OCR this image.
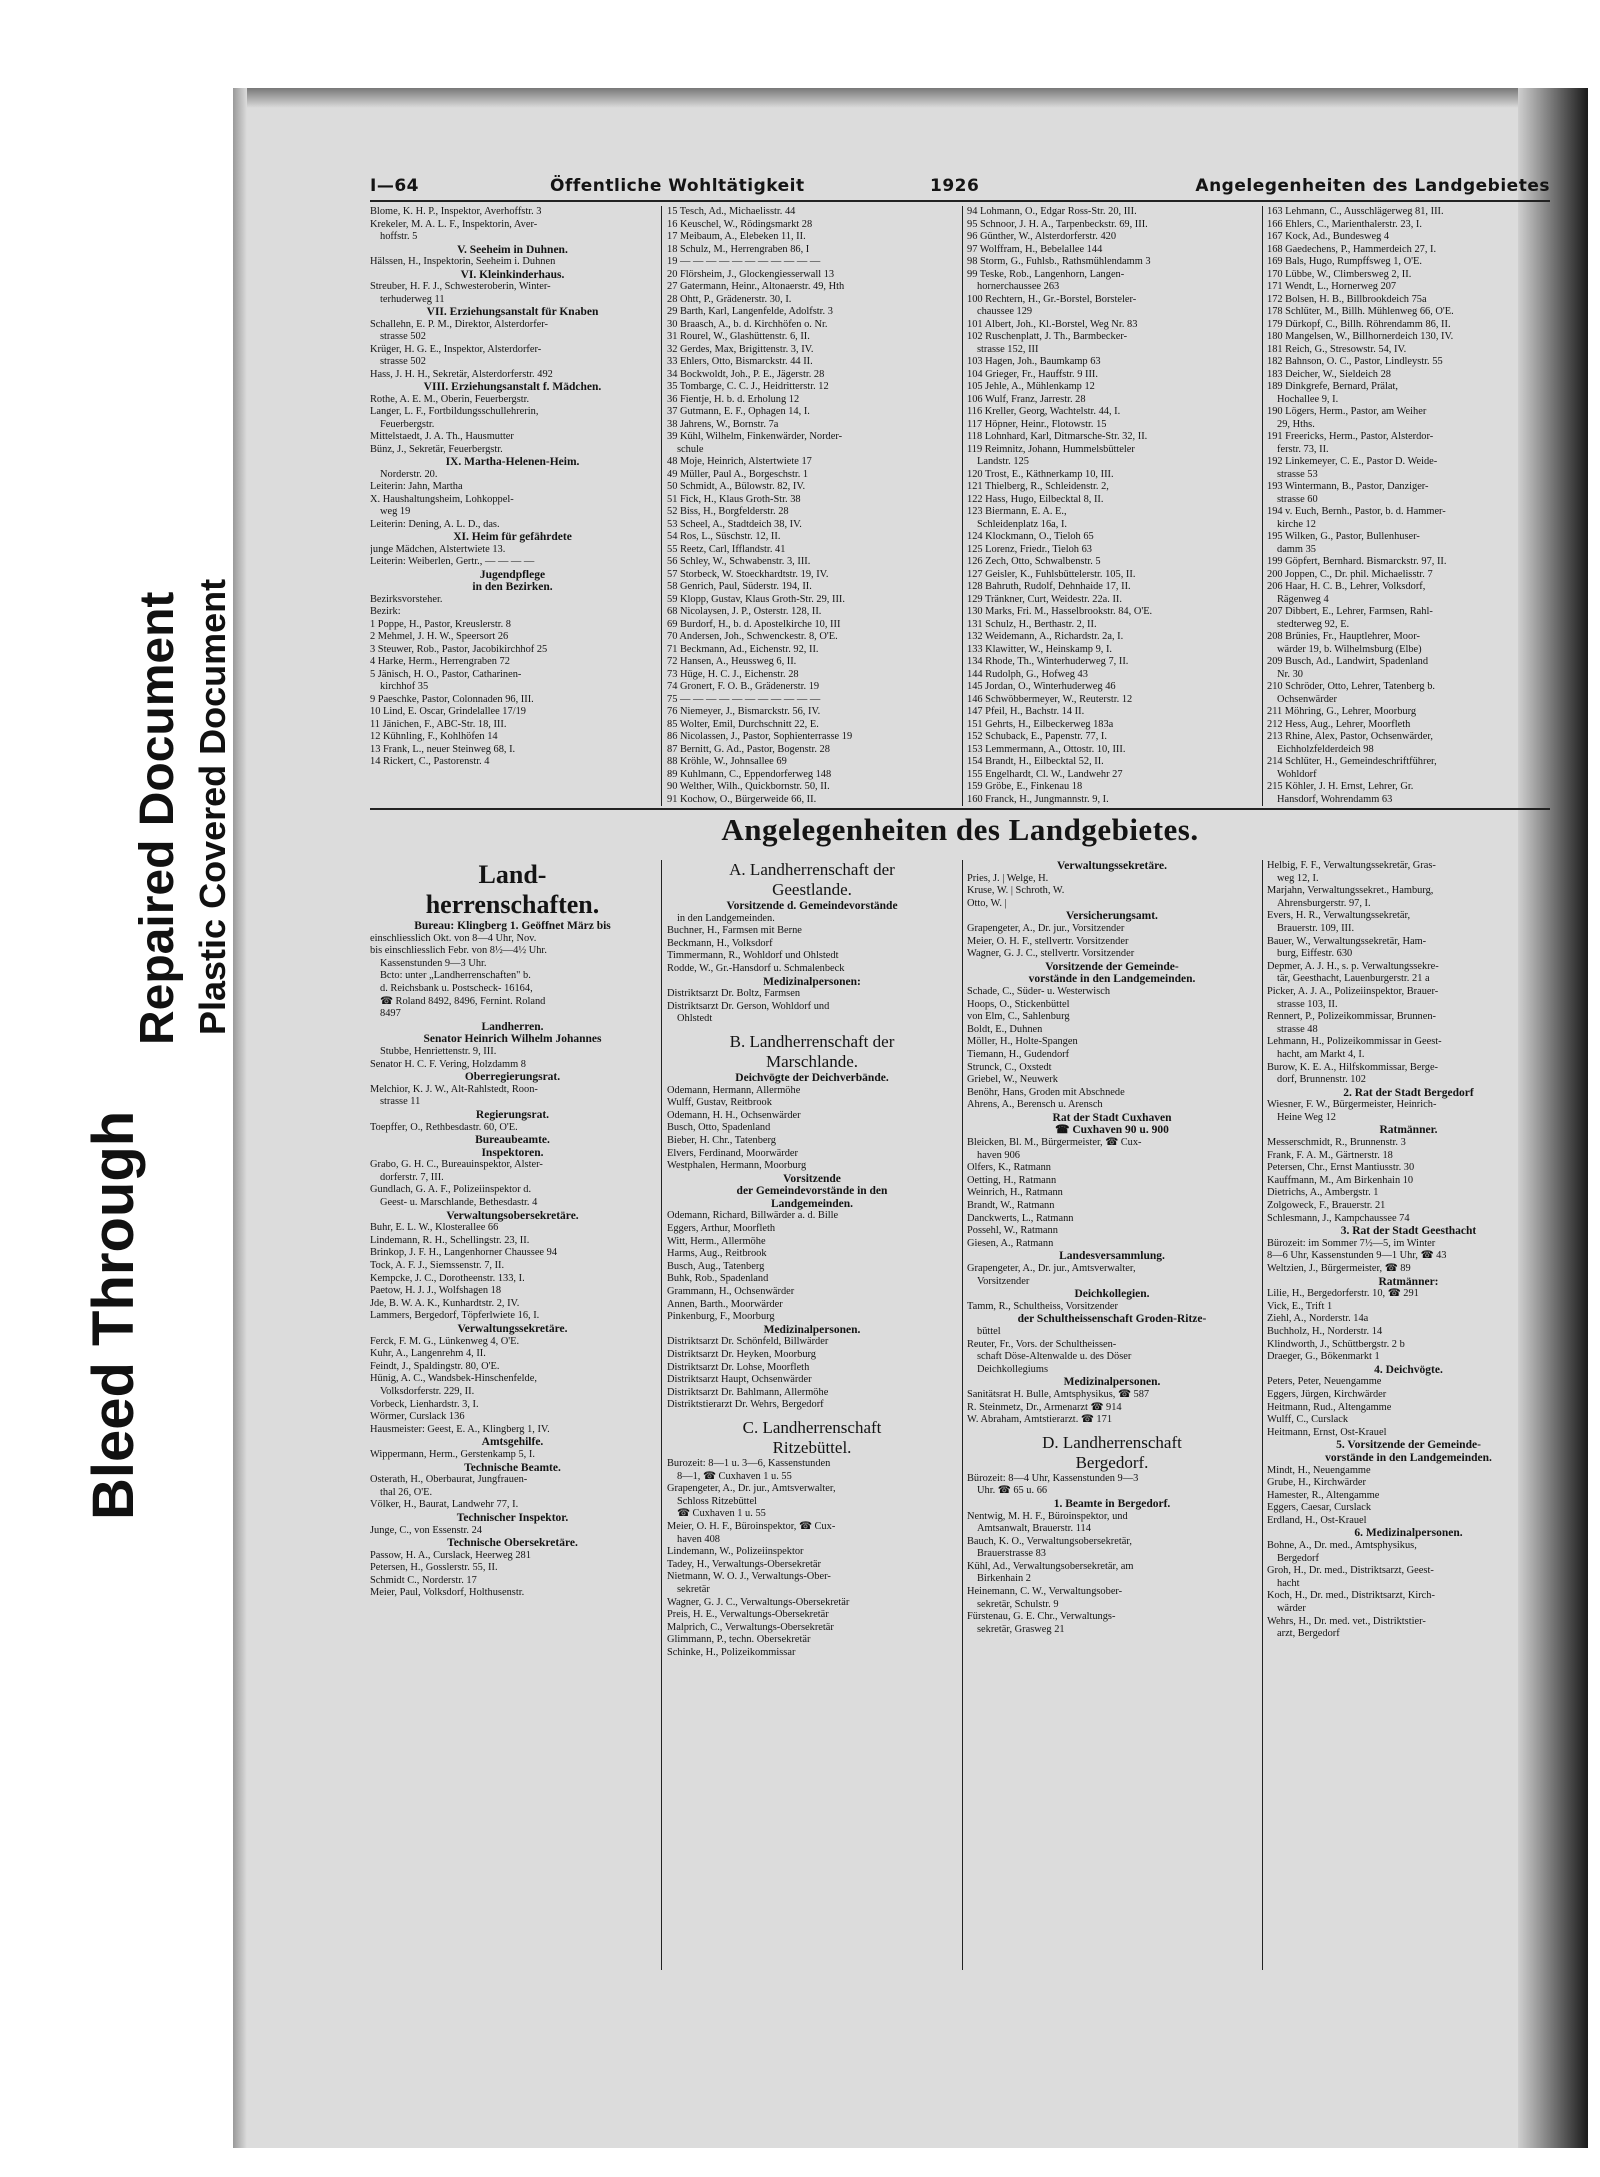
Bleed Through
Repaired Document Plastic Covered Document
I—64	Öffentliche Wohltätigkeit	1926	Angelegenheiten des Landgebietes
Blome, K. H. P., Inspektor, Averhoffstr. 3
Krekeler, M. A. L. F., Inspektorin, Aver-
hoffstr. 5
V. Seeheim in Duhnen.
Hälssen, H., Inspektorin, Seeheim i. Duhnen
VI. Kleinkinderhaus.
Streuber, H. F. J., Schwesteroberin, Winter-
terhuderweg 11
VII. Erziehungsanstalt für Knaben
Schallehn, E. P. M., Direktor, Alsterdorfer-
strasse 502
Krüger, H. G. E., Inspektor, Alsterdorfer-
strasse 502
Hass, J. H. H., Sekretär, Alsterdorferstr. 492
VIII. Erziehungsanstalt f. Mädchen.
Rothe, A. E. M., Oberin, Feuerbergstr.
Langer, L. F., Fortbildungsschullehrerin,
Feuerbergstr.
Mittelstaedt, J. A. Th., Hausmutter
Bünz, J., Sekretär, Feuerbergstr.
IX. Martha-Helenen-Heim.
Norderstr. 20.
Leiterin: Jahn, Martha
X. Haushaltungsheim, Lohkoppel-
weg 19
Leiterin: Dening, A. L. D., das.
XI. Heim für gefährdete
junge Mädchen, Alstertwiete 13.
Leiterin: Weiberlen, Gertr., — — — —
Jugendpflege
in den Bezirken.
Bezirksvorsteher.
Bezirk:
1 Poppe, H., Pastor, Kreuslerstr. 8
2 Mehmel, J. H. W., Speersort 26
3 Steuwer, Rob., Pastor, Jacobikirchhof 25
4 Harke, Herm., Herrengraben 72
5 Jänisch, H. O., Pastor, Catharinen-
kirchhof 35
9 Paeschke, Pastor, Colonnaden 96, III.
10 Lind, E. Oscar, Grindelallee 17/19
11 Jänichen, F., ABC-Str. 18, III.
12 Kühnling, F., Kohlhöfen 14
13 Frank, L., neuer Steinweg 68, I.
14 Rickert, C., Pastorenstr. 4
15 Tesch, Ad., Michaelisstr. 44
16 Keuschel, W., Rödingsmarkt 28
17 Meibaum, A., Elebeken 11, II.
18 Schulz, M., Herrengraben 86, I
19 — — — — — — — — — — —
20 Flörsheim, J., Glockengiesserwall 13
27 Gatermann, Heinr., Altonaerstr. 49, Hth
28 Ohtt, P., Grädenerstr. 30, I.
29 Barth, Karl, Langenfelde, Adolfstr. 3
30 Braasch, A., b. d. Kirchhöfen o. Nr.
31 Rourel, W., Glashüttenstr. 6, II.
32 Gerdes, Max, Brigittenstr. 3, IV.
33 Ehlers, Otto, Bismarckstr. 44 II.
34 Bockwoldt, Joh., P. E., Jägerstr. 28
35 Tombarge, C. C. J., Heidritterstr. 12
36 Fientje, H. b. d. Erholung 12
37 Gutmann, E. F., Ophagen 14, I.
38 Jahrens, W., Bornstr. 7a
39 Kühl, Wilhelm, Finkenwärder, Norder-
schule
48 Moje, Heinrich, Alstertwiete 17
49 Müller, Paul A., Borgeschstr. 1
50 Schmidt, A., Bülowstr. 82, IV.
51 Fick, H., Klaus Groth-Str. 38
52 Biss, H., Borgfelderstr. 28
53 Scheel, A., Stadtdeich 38, IV.
54 Ros, L., Süschstr. 12, II.
55 Reetz, Carl, Ifflandstr. 41
56 Schley, W., Schwabenstr. 3, III.
57 Storbeck, W. Stoeckhardtstr. 19, IV.
58 Genrich, Paul, Süderstr. 194, II.
59 Klopp, Gustav, Klaus Groth-Str. 29, III.
68 Nicolaysen, J. P., Osterstr. 128, II.
69 Burdorf, H., b. d. Apostelkirche 10, III
70 Andersen, Joh., Schwenckestr. 8, O'E.
71 Beckmann, Ad., Eichenstr. 92, II.
72 Hansen, A., Heussweg 6, II.
73 Hüge, H. C. J., Eichenstr. 28
74 Gronert, F. O. B., Grädenerstr. 19
75 — — — — — — — — — — —
76 Niemeyer, J., Bismarckstr. 56, IV.
85 Wolter, Emil, Durchschnitt 22, E.
86 Nicolassen, J., Pastor, Sophienterrasse 19
87 Bernitt, G. Ad., Pastor, Bogenstr. 28
88 Kröhle, W., Johnsallee 69
89 Kuhlmann, C., Eppendorferweg 148
90 Welther, Wilh., Quickbornstr. 50, II.
91 Kochow, O., Bürgerweide 66, II.
94 Lohmann, O., Edgar Ross-Str. 20, III.
95 Schnoor, J. H. A., Tarpenbeckstr. 69, III.
96 Günther, W., Alsterdorferstr. 420
97 Wolffram, H., Bebelallee 144
98 Storm, G., Fuhlsb., Rathsmühlendamm 3
99 Teske, Rob., Langenhorn, Langen-
hornerchaussee 263
100 Rechtern, H., Gr.-Borstel, Borsteler-
chaussee 129
101 Albert, Joh., Kl.-Borstel, Weg Nr. 83
102 Ruschenplatt, J. Th., Barmbecker-
strasse 152, III
103 Hagen, Joh., Baumkamp 63
104 Grieger, Fr., Hauffstr. 9 III.
105 Jehle, A., Mühlenkamp 12
106 Wulf, Franz, Jarrestr. 28
116 Kreller, Georg, Wachtelstr. 44, I.
117 Höpner, Heinr., Flotowstr. 15
118 Lohnhard, Karl, Ditmarsche-Str. 32, II.
119 Reimnitz, Johann, Hummelsbütteler
Landstr. 125
120 Trost, E., Käthnerkamp 10, III.
121 Thielberg, R., Schleidenstr. 2,
122 Hass, Hugo, Eilbecktal 8, II.
123 Biermann, E. A. E.,
Schleidenplatz 16a, I.
124 Klockmann, O., Tieloh 65
125 Lorenz, Friedr., Tieloh 63
126 Zech, Otto, Schwalbenstr. 5
127 Geisler, K., Fuhlsbüttelerstr. 105, II.
128 Bahruth, Rudolf, Dehnhaide 17, II.
129 Tränkner, Curt, Weidestr. 22a. II.
130 Marks, Fri. M., Hasselbrookstr. 84, O'E.
131 Schulz, H., Berthastr. 2, II.
132 Weidemann, A., Richardstr. 2a, I.
133 Klawitter, W., Heinskamp 9, I.
134 Rhode, Th., Winterhuderweg 7, II.
144 Rudolph, G., Hofweg 43
145 Jordan, O., Winterhuderweg 46
146 Schwöbbermeyer, W., Reuterstr. 12
147 Pfeil, H., Bachstr. 14 II.
151 Gehrts, H., Eilbeckerweg 183a
152 Schuback, E., Papenstr. 77, I.
153 Lemmermann, A., Ottostr. 10, III.
154 Brandt, H., Eilbecktal 52, II.
155 Engelhardt, Cl. W., Landwehr 27
159 Gröbe, E., Finkenau 18
160 Franck, H., Jungmannstr. 9, I.
163 Lehmann, C., Ausschlägerweg 81, III.
166 Ehlers, C., Marienthalerstr. 23, I.
167 Kock, Ad., Bundesweg 4
168 Gaedechens, P., Hammerdeich 27, I.
169 Bals, Hugo, Rumpffsweg 1, O'E.
170 Lübbe, W., Climbersweg 2, II.
171 Wendt, L., Hornerweg 207
172 Bolsen, H. B., Billbrookdeich 75a
178 Schlüter, M., Billh. Mühlenweg 66, O'E.
179 Dürkopf, C., Billh. Röhrendamm 86, II.
180 Mangelsen, W., Billhornerdeich 130, IV.
181 Reich, G., Stresowstr. 54, IV.
182 Bahnson, O. C., Pastor, Lindleystr. 55
183 Deicher, W., Sieldeich 28
189 Dinkgrefe, Bernard, Prälat,
Hochallee 9, I.
190 Lögers, Herm., Pastor, am Weiher
29, Hths.
191 Freericks, Herm., Pastor, Alsterdor-
ferstr. 73, II.
192 Linkemeyer, C. E., Pastor D. Weide-
strasse 53
193 Wintermann, B., Pastor, Danziger-
strasse 60
194 v. Euch, Bernh., Pastor, b. d. Hammer-
kirche 12
195 Wilken, G., Pastor, Bullenhuser-
damm 35
199 Göpfert, Bernhard. Bismarckstr. 97, II.
200 Joppen, C., Dr. phil. Michaelisstr. 7
206 Haar, H. C. B., Lehrer, Volksdorf,
Rägenweg 4
207 Dibbert, E., Lehrer, Farmsen, Rahl-
stedterweg 92, E.
208 Brünies, Fr., Hauptlehrer, Moor-
wärder 19, b. Wilhelmsburg (Elbe)
209 Busch, Ad., Landwirt, Spadenland
Nr. 30
210 Schröder, Otto, Lehrer, Tatenberg b.
Ochsenwärder
211 Möhring, G., Lehrer, Moorburg
212 Hess, Aug., Lehrer, Moorfleth
213 Rhine, Alex, Pastor, Ochsenwärder,
Eichholzfelderdeich 98
214 Schlüter, H., Gemeindeschriftführer,
Wohldorf
215 Köhler, J. H. Ernst, Lehrer, Gr.
Hansdorf, Wohrendamm 63
Angelegenheiten des Landgebietes.
Land-
herrenschaften.
Bureau: Klingberg 1. Geöffnet März bis
einschliesslich Okt. von 8—4 Uhr, Nov.
bis einschliesslich Febr. von 8½—4½ Uhr.
Kassenstunden 9—3 Uhr.
Bcto: unter „Landherrenschaften" b.
d. Reichsbank u. Postscheck- 16164,
☎ Roland 8492, 8496, Fernint. Roland
8497
Landherren.
Senator Heinrich Wilhelm Johannes
Stubbe, Henriettenstr. 9, III.
Senator H. C. F. Vering, Holzdamm 8
Oberregierungsrat.
Melchior, K. J. W., Alt-Rahlstedt, Roon-
strasse 11
Regierungsrat.
Toepffer, O., Rethbesdastr. 60, O'E.
Bureaubeamte.
Inspektoren.
Grabo, G. H. C., Bureauinspektor, Alster-
dorferstr. 7, III.
Gundlach, G. A. F., Polizeiinspektor d.
Geest- u. Marschlande, Bethesdastr. 4
Verwaltungsobersekretäre.
Buhr, E. L. W., Klosterallee 66
Lindemann, R. H., Schellingstr. 23, II.
Brinkop, J. F. H., Langenhorner Chaussee 94
Tock, A. F. J., Siemssenstr. 7, II.
Kempcke, J. C., Dorotheenstr. 133, I.
Paetow, H. J. J., Wolfshagen 18
Jde, B. W. A. K., Kunhardtstr. 2, IV.
Lammers, Bergedorf, Töpferlwiete 16, I.
Verwaltungssekretäre.
Ferck, F. M. G., Lünkenweg 4, O'E.
Kuhr, A., Langenrehm 4, II.
Feindt, J., Spaldingstr. 80, O'E.
Hünig, A. C., Wandsbek-Hinschenfelde,
Volksdorferstr. 229, II.
Vorbeck, Lienhardstr. 3, I.
Wörmer, Curslack 136
Hausmeister: Geest, E. A., Klingberg 1, IV.
Amtsgehilfe.
Wippermann, Herm., Gerstenkamp 5, I.
Technische Beamte.
Osterath, H., Oberbaurat, Jungfrauen-
thal 26, O'E.
Völker, H., Baurat, Landwehr 77, I.
Technischer Inspektor.
Junge, C., von Essenstr. 24
Technische Obersekretäre.
Passow, H. A., Curslack, Heerweg 281
Petersen, H., Gosslerstr. 55, II.
Schmidt C., Norderstr. 17
Meier, Paul, Volksdorf, Holthusenstr.
A. Landherrenschaft der
Geestlande.
Vorsitzende d. Gemeindevorstände
in den Landgemeinden.
Buchner, H., Farmsen mit Berne
Beckmann, H., Volksdorf
Timmermann, R., Wohldorf und Ohlstedt
Rodde, W., Gr.-Hansdorf u. Schmalenbeck
Medizinalpersonen:
Distriktsarzt Dr. Boltz, Farmsen
Distriktsarzt Dr. Gerson, Wohldorf und
Ohlstedt
B. Landherrenschaft der
Marschlande.
Deichvögte der Deichverbände.
Odemann, Hermann, Allermöhe
Wulff, Gustav, Reitbrook
Odemann, H. H., Ochsenwärder
Busch, Otto, Spadenland
Bieber, H. Chr., Tatenberg
Elvers, Ferdinand, Moorwärder
Westphalen, Hermann, Moorburg
Vorsitzende
der Gemeindevorstände in den
Landgemeinden.
Odemann, Richard, Billwärder a. d. Bille
Eggers, Arthur, Moorfleth
Witt, Herm., Allermöhe
Harms, Aug., Reitbrook
Busch, Aug., Tatenberg
Buhk, Rob., Spadenland
Grammann, H., Ochsenwärder
Annen, Barth., Moorwärder
Pinkenburg, F., Moorburg
Medizinalpersonen.
Distriktsarzt Dr. Schönfeld, Billwärder
Distriktsarzt Dr. Heyken, Moorburg
Distriktsarzt Dr. Lohse, Moorfleth
Distriktsarzt Haupt, Ochsenwärder
Distriktsarzt Dr. Bahlmann, Allermöhe
Distriktstierarzt Dr. Wehrs, Bergedorf
C. Landherrenschaft
Ritzebüttel.
Burozeit: 8—1 u. 3—6, Kassenstunden
8—1, ☎ Cuxhaven 1 u. 55
Grapengeter, A., Dr. jur., Amtsverwalter,
Schloss Ritzebüttel
☎ Cuxhaven 1 u. 55
Meier, O. H. F., Büroinspektor, ☎ Cux-
haven 408
Lindemann, W., Polizeiinspektor
Tadey, H., Verwaltungs-Obersekretär
Nietmann, W. O. J., Verwaltungs-Ober-
sekretär
Wagner, G. J. C., Verwaltungs-Obersekretär
Preis, H. E., Verwaltungs-Obersekretär
Malprich, C., Verwaltungs-Obersekretär
Glimmann, P., techn. Obersekretär
Schinke, H., Polizeikommissar
Verwaltungssekretäre.
Pries, J. | Welge, H.
Kruse, W. | Schroth, W.
Otto, W. |
Versicherungsamt.
Grapengeter, A., Dr. jur., Vorsitzender
Meier, O. H. F., stellvertr. Vorsitzender
Wagner, G. J. C., stellvertr. Vorsitzender
Vorsitzende der Gemeinde-
vorstände in den Landgemeinden.
Schade, C., Süder- u. Westerwisch
Hoops, O., Stickenbüttel
von Elm, C., Sahlenburg
Boldt, E., Duhnen
Möller, H., Holte-Spangen
Tiemann, H., Gudendorf
Strunck, C., Oxstedt
Griebel, W., Neuwerk
Benöhr, Hans, Groden mit Abschnede
Ahrens, A., Berensch u. Arensch
Rat der Stadt Cuxhaven
☎ Cuxhaven 90 u. 900
Bleicken, Bl. M., Bürgermeister, ☎ Cux-
haven 906
Olfers, K., Ratmann
Oetting, H., Ratmann
Weinrich, H., Ratmann
Brandt, W., Ratmann
Danckwerts, L., Ratmann
Possehl, W., Ratmann
Giesen, A., Ratmann
Landesversammlung.
Grapengeter, A., Dr. jur., Amtsverwalter,
Vorsitzender
Deichkollegien.
Tamm, R., Schultheiss, Vorsitzender
der Schultheissenschaft Groden-Ritze-
büttel
Reuter, Fr., Vors. der Schultheissen-
schaft Döse-Altenwalde u. des Döser
Deichkollegiums
Medizinalpersonen.
Sanitätsrat H. Bulle, Amtsphysikus, ☎ 587
R. Steinmetz, Dr., Armenarzt ☎ 914
W. Abraham, Amtstierarzt. ☎ 171
D. Landherrenschaft
Bergedorf.
Bürozeit: 8—4 Uhr, Kassenstunden 9—3
Uhr. ☎ 65 u. 66
1. Beamte in Bergedorf.
Nentwig, M. H. F., Büroinspektor, und
Amtsanwalt, Brauerstr. 114
Bauch, K. O., Verwaltungsobersekretär,
Brauerstrasse 83
Kühl, Ad., Verwaltungsobersekretär, am
Birkenhain 2
Heinemann, C. W., Verwaltungsober-
sekretär, Schulstr. 9
Fürstenau, G. E. Chr., Verwaltungs-
sekretär, Grasweg 21
Helbig, F. F., Verwaltungssekretär, Gras-
weg 12, I.
Marjahn, Verwaltungssekret., Hamburg,
Ahrensburgerstr. 97, I.
Evers, H. R., Verwaltungssekretär,
Brauerstr. 109, III.
Bauer, W., Verwaltungssekretär, Ham-
burg, Eiffestr. 630
Depmer, A. J. H., s. p. Verwaltungssekre-
tär, Geesthacht, Lauenburgerstr. 21 a
Picker, A. J. A., Polizeiinspektor, Brauer-
strasse 103, II.
Rennert, P., Polizeikommissar, Brunnen-
strasse 48
Lehmann, H., Polizeikommissar in Geest-
hacht, am Markt 4, I.
Burow, K. E. A., Hilfskommissar, Berge-
dorf, Brunnenstr. 102
2. Rat der Stadt Bergedorf
Wiesner, F. W., Bürgermeister, Heinrich-
Heine Weg 12
Ratmänner.
Messerschmidt, R., Brunnenstr. 3
Frank, F. A. M., Gärtnerstr. 18
Petersen, Chr., Ernst Mantiusstr. 30
Kauffmann, M., Am Birkenhain 10
Dietrichs, A., Ambergstr. 1
Zolgoweck, F., Brauerstr. 21
Schlesmann, J., Kampchaussee 74
3. Rat der Stadt Geesthacht
Bürozeit: im Sommer 7½—5, im Winter
8—6 Uhr, Kassenstunden 9—1 Uhr, ☎ 43
Weltzien, J., Bürgermeister, ☎ 89
Ratmänner:
Lilie, H., Bergedorferstr. 10, ☎ 291
Vick, E., Trift 1
Ziehl, A., Norderstr. 14a
Buchholz, H., Norderstr. 14
Klindworth, J., Schüttbergstr. 2 b
Draeger, G., Bökenmarkt 1
4. Deichvögte.
Peters, Peter, Neuengamme
Eggers, Jürgen, Kirchwärder
Heitmann, Rud., Altengamme
Wulff, C., Curslack
Heitmann, Ernst, Ost-Krauel
5. Vorsitzende der Gemeinde-
vorstände in den Landgemeinden.
Mindt, H., Neuengamme
Grube, H., Kirchwärder
Hamester, R., Altengamme
Eggers, Caesar, Curslack
Erdland, H., Ost-Krauel
6. Medizinalpersonen.
Bohne, A., Dr. med., Amtsphysikus,
Bergedorf
Groh, H., Dr. med., Distriktsarzt, Geest-
hacht
Koch, H., Dr. med., Distriktsarzt, Kirch-
wärder
Wehrs, H., Dr. med. vet., Distriktstier-
arzt, Bergedorf
